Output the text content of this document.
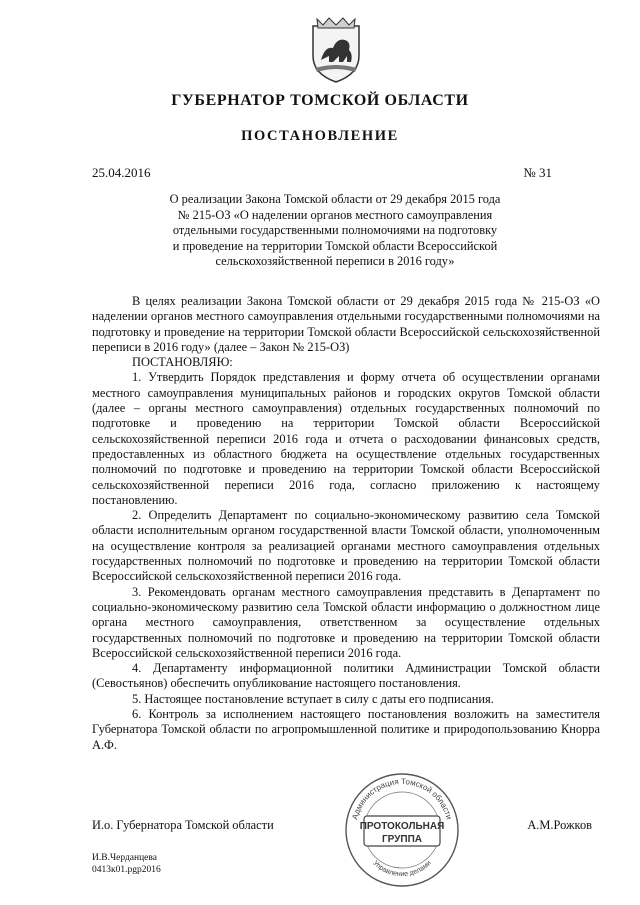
ГУБЕРНАТОР ТОМСКОЙ ОБЛАСТИ
ПОСТАНОВЛЕНИЕ
25.04.2016	№ 31
О реализации Закона Томской области от 29 декабря 2015 года
№ 215-ОЗ «О наделении органов местного самоуправления
отдельными государственными полномочиями на подготовку
и проведение на территории Томской области Всероссийской
сельскохозяйственной переписи в 2016 году»

В целях реализации Закона Томской области от 29 декабря 2015 года № 215-ОЗ «О наделении органов местного самоуправления отдельными государственными полномочиями на подготовку и проведение на территории Томской области Всероссийской сельскохозяйственной переписи в 2016 году» (далее – Закон № 215-ОЗ)

ПОСТАНОВЛЯЮ:

1. Утвердить Порядок представления и форму отчета об осуществлении органами местного самоуправления муниципальных районов и городских округов Томской области (далее – органы местного самоуправления) отдельных государственных полномочий по подготовке и проведению на территории Томской области Всероссийской сельскохозяйственной переписи 2016 года и отчета о расходовании финансовых средств, предоставленных из областного бюджета на осуществление отдельных государственных полномочий по подготовке и проведению на территории Томской области Всероссийской сельскохозяйственной переписи 2016 года, согласно приложению к настоящему постановлению.

2. Определить Департамент по социально-экономическому развитию села Томской области исполнительным органом государственной власти Томской области, уполномоченным на осуществление контроля за реализацией органами местного самоуправления отдельных государственных полномочий по подготовке и проведению на территории Томской области Всероссийской сельскохозяйственной переписи 2016 года.

3. Рекомендовать органам местного самоуправления представить в Департамент по социально-экономическому развитию села Томской области информацию о должностном лице органа местного самоуправления, ответственном за осуществление отдельных государственных полномочий по подготовке и проведению на территории Томской области Всероссийской сельскохозяйственной переписи 2016 года.

4. Департаменту информационной политики Администрации Томской области (Севостьянов) обеспечить опубликование настоящего постановления.

5. Настоящее постановление вступает в силу с даты его подписания.

6. Контроль за исполнением настоящего постановления возложить на заместителя Губернатора Томской области по агропромышленной политике и природопользованию Кнорра А.Ф.

Администрация Томской области
Управление делами
ПРОТОКОЛЬНАЯ
ГРУППА
И.о. Губернатора Томской области	А.М.Рожков
И.В.Черданцева
0413к01.pgp2016
